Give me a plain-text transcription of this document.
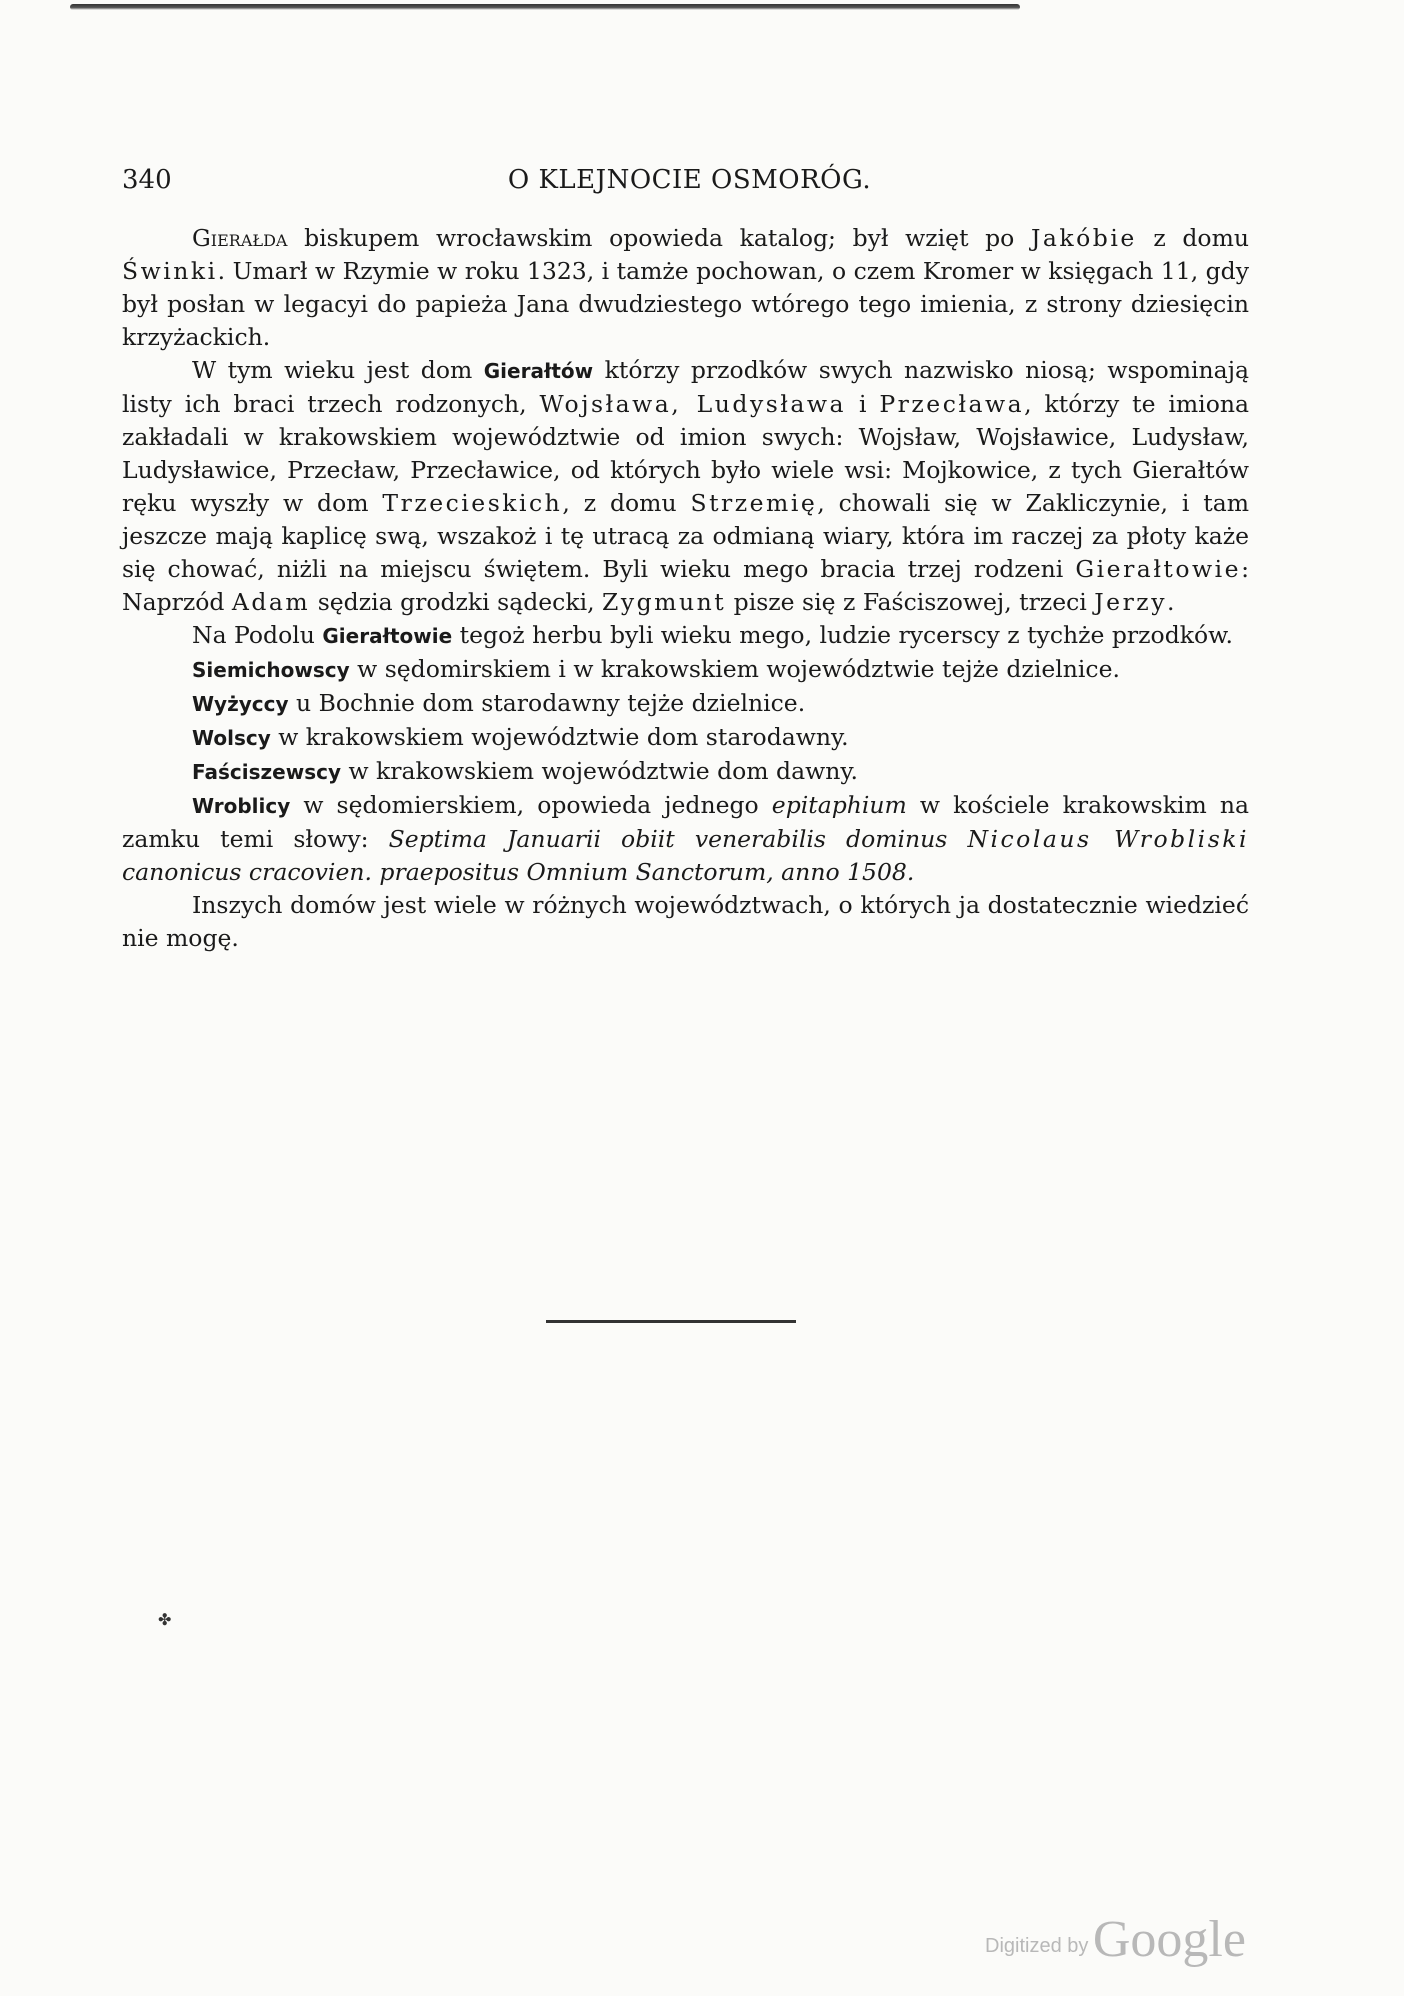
340	O KLEJNOCIE OSMORÓG.

Gierałda biskupem wrocławskim opowieda katalog; był wzięt po Jakóbie z domu Świnki. Umarł w Rzymie w roku 1323, i tamże pochowan, o czem Kromer w księgach 11, gdy był posłan w legacyi do papieża Jana dwudziestego wtórego tego imienia, z strony dziesięcin krzyżackich.

W tym wieku jest dom Gierałtów którzy przodków swych nazwisko niosą; wspominają listy ich braci trzech rodzonych, Wojsława, Ludysława i Przecława, którzy te imiona zakładali w krakowskiem województwie od imion swych: Wojsław, Wojsławice, Ludysław, Ludysławice, Przecław, Przecławice, od których było wiele wsi: Mojkowice, z tych Gierałtów ręku wyszły w dom Trzecieskich, z domu Strzemię, chowali się w Zakliczynie, i tam jeszcze mają kaplicę swą, wszakoż i tę utracą za odmianą wiary, która im raczej za płoty każe się chować, niżli na miejscu świętem. Byli wieku mego bracia trzej rodzeni Gierałtowie: Naprzód Adam sędzia grodzki sądecki, Zygmunt pisze się z Faściszowej, trzeci Jerzy.

Na Podolu Gierałtowie tegoż herbu byli wieku mego, ludzie rycerscy z tychże przodków.

Siemichowscy w sędomirskiem i w krakowskiem województwie tejże dzielnice.

Wyżyccy u Bochnie dom starodawny tejże dzielnice.

Wolscy w krakowskiem województwie dom starodawny.

Faściszewscy w krakowskiem województwie dom dawny.

Wroblicy w sędomierskiem, opowieda jednego epitaphium w kościele krakowskim na zamku temi słowy: Septima Januarii obiit venerabilis dominus Nicolaus Wrobliski canonicus cracovien. praepositus Omnium Sanctorum, anno 1508.

Inszych domów jest wiele w różnych województwach, o których ja dostatecznie wiedzieć nie mogę.

✤
Digitized by Google
